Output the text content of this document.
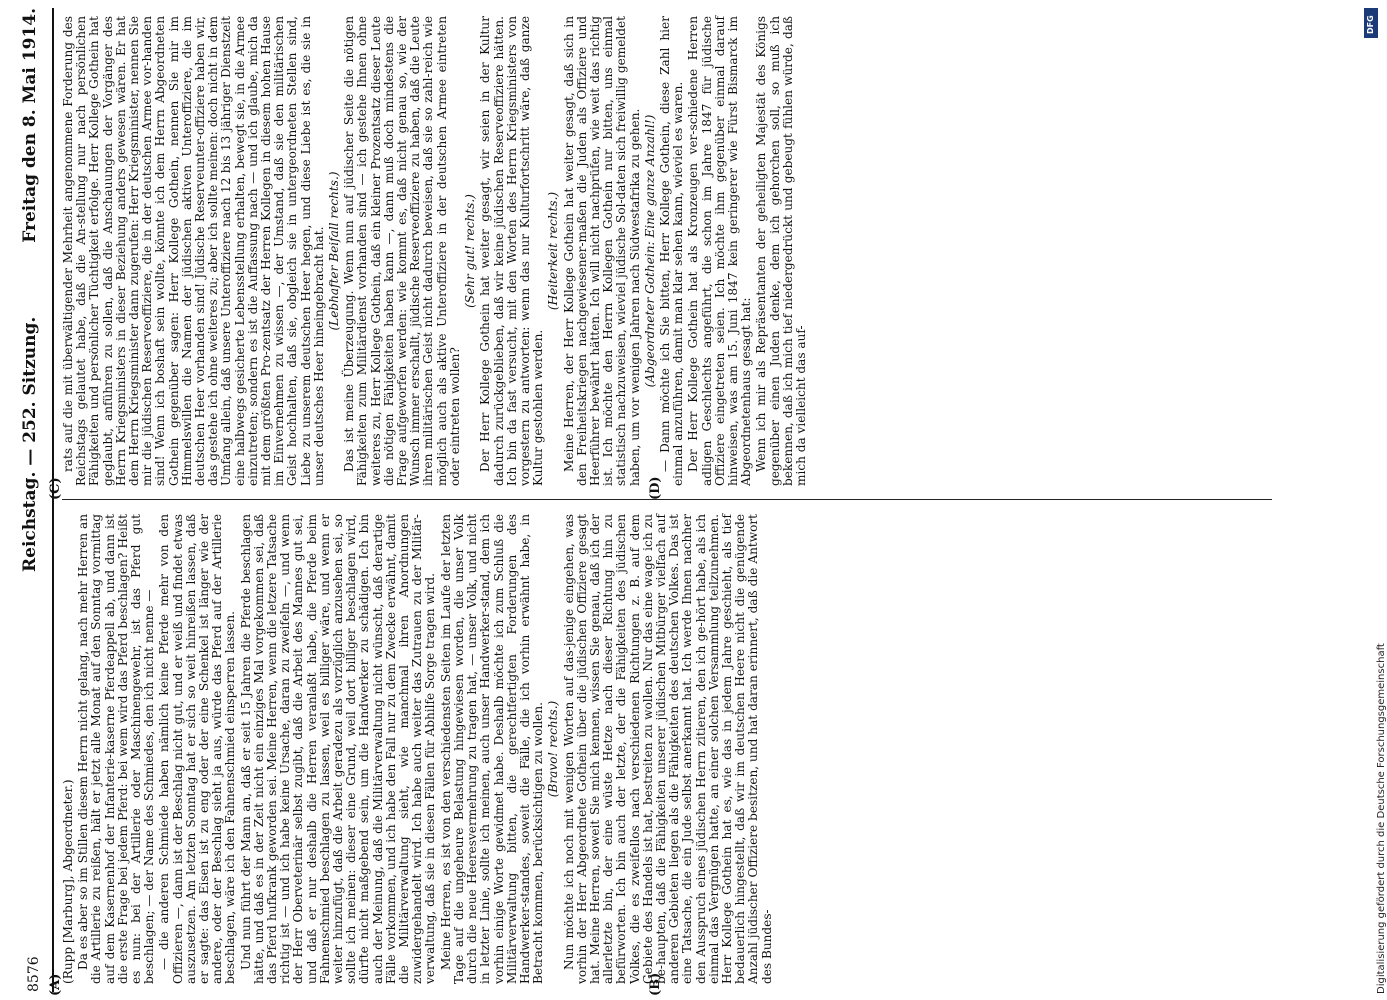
8576
Reichstag. — 252. Sitzung.
Freitag den 8. Mai 1914.

(Rupp [Marburg], Abgeordneter.) Da es aber so im Stillen diesem Herrn nicht gelang, nach mehr Herren an die Artillerie zu reißen, hält er jetzt alle Monat auf den Sonntag vormittag auf dem Kasernenhof der Infanterie-kaserne Pferdeappell ab, und dann ist die erste Frage bei jedem Pferd: bei wem wird das Pferd beschlagen? Heißt es nun: bei der Artillerie oder Maschinengewehr, ist das Pferd gut beschlagen; — der Name des Schmiedes, den ich nicht nenne — — die anderen Schmiede haben nämlich keine Pferde mehr von den Offizieren —, dann ist der Beschlag nicht gut, und er weiß und findet etwas auszusetzen. Am letzten Sonntag hat er sich so weit hinreißen lassen, daß er sagte: das Eisen ist zu eng oder der eine Schenkel ist länger wie der andere, oder der Beschlag sieht ja aus, würde das Pferd auf der Artillerie beschlagen, wäre ich den Fahnenschmied einsperren lassen. Und nun führt der Mann an, daß er seit 15 Jahren die Pferde beschlagen hätte, und daß es in der Zeit nicht ein einziges Mal vorgekommen sei, daß das Pferd hufkrank geworden sei. Meine Herren, wenn die letzere Tatsache richtig ist — und ich habe keine Ursache, daran zu zweifeln —, und wenn der Herr Oberveterinär selbst zugibt, daß die Arbeit des Mannes gut sei, und daß er nur deshalb die Herren veranlaßt habe, die Pferde beim Fahnenschmied beschlagen zu lassen, weil es billiger wäre, und wenn er weiter hinzufügt, daß die Arbeit geradezu als vorzüglich anzusehen sei, so sollte ich meinen: dieser eine Grund, weil dort billiger beschlagen wird, dürfte nicht maßgebend sein, um die Handwerker zu schädigen. Ich bin auch der Meinung, daß die Militärverwaltung nicht wünscht, daß derartige Fälle vorkommen, und ich habe den Fall nur zu dem Zwecke erwähnt, damit die Militärverwaltung sieht, wie manchmal ihren Anordnungen zuwidergehandelt wird. Ich habe auch weiter das Zutrauen zu der Militär-verwaltung, daß sie in diesen Fällen für Abhilfe Sorge tragen wird. Meine Herren, es ist von den verschiedensten Seiten im Laufe der letzten Tage auf die ungeheure Belastung hingewiesen worden, die unser Volk durch die neue Heeresvermehrung zu tragen hat, — unser Volk, und nicht in letzter Linie, sollte ich meinen, auch unser Handwerker-stand, dem ich vorhin einige Worte gewidmet habe. Deshalb möchte ich zum Schluß die Militärverwaltung bitten, die gerechtfertigten Forderungen des Handwerker-standes, soweit die Fälle, die ich vorhin erwähnt habe, in Betracht kommen, berücksichtigen zu wollen. (Bravo! rechts.) Nun möchte ich noch mit wenigen Worten auf das-jenige eingehen, was vorhin der Herr Abgeordnete Gothein über die jüdischen Offiziere gesagt hat. Meine Herren, soweit Sie mich kennen, wissen Sie genau, daß ich der allerletzte bin, der eine wüste Hetze nach dieser Richtung hin zu befürworten. Ich bin auch der letzte, der die Fähigkeiten des jüdischen Volkes, die es zweifellos nach verschiedenen Richtungen z. B. auf dem Gebiete des Handels ist hat, bestreiten zu wollen. Nur das eine wage ich zu be-haupten, daß die Fähigkeiten unserer jüdischen Mitbürger vielfach auf anderen Gebieten liegen als die Fähigkeiten des deutschen Volkes. Das ist eine Tatsache, die ein Jude selbst anerkannt hat. Ich werde Ihnen nachher den Ausspruch eines jüdischen Herrn zitieren, den ich ge-hört habe, als ich einmal das Vergnügen hatte, an einer solchen Versammlung teilzunehmen. Herr Kollege Gothein hat es, wie das in jedem Jahre geschieht, als tief bedauerlich hingestellt, daß wir im deutschen Heere nicht die genügende Anzahl jüdischer Offiziere besitzen, und hat daran erinnert, daß die Antwort des Bundes-

rats auf die mit überwältigender Mehrheit angenommene Forderung des Reichstags gelautet habe, daß die An-stellung nur nach persönlichen Fähigkeiten und persönlicher Tüchtigkeit erfolge. Herr Kollege Gothein hat geglaubt, anführen zu sollen, daß die Anschauungen der Vorgänger des Herrn Kriegsministers in dieser Beziehung anders gewesen wären. Er hat dem Herrn Kriegsminister dann zugerufen: Herr Kriegsminister, nennen Sie mir die jüdischen Reserveoffiziere, die in der deutschen Armee vor-handen sind! Wenn ich boshaft sein wollte, könnte ich dem Herrn Abgeordneten Gothein gegenüber sagen: Herr Kollege Gothein, nennen Sie mir im Himmelswillen die Namen der jüdischen aktiven Unteroffiziere, die im deutschen Heer vorhanden sind! Jüdische Reserveunter-offiziere haben wir, das gestehe ich ohne weiteres zu; aber ich sollte meinen: doch nicht in dem Umfang allein, daß unsere Unteroffiziere nach 12 bis 13 jähriger Dienstzeit eine halbwegs gesicherte Lebensstellung erhalten, bewegt sie, in die Armee einzutreten; sondern es ist die Auffassung nach — und ich glaube, mich da mit dem größten Pro-zentsatz der Herren Kollegen in diesem hohen Hause im Einvernehmen zu wissen —, der Umstand, daß sie den militärischen Geist hochhalten, daß sie, obgleich sie in untergeordneten Stellen sind, Liebe zu unserem deutschen Heer hegen, und diese Liebe ist es, die sie in unser deutsches Heer hineingebracht hat. (Lebhafter Beifall rechts.) Das ist meine Überzeugung. Wenn nun auf jüdischer Seite die nötigen Fähigkeiten zum Militärdienst vorhanden sind — ich gestehe Ihnen ohne weiteres zu, Herr Kollege Gothein, daß ein kleiner Prozentsatz dieser Leute die nötigen Fähigkeiten haben kann —, dann muß doch mindestens die Frage aufgeworfen werden: wie kommt es, daß nicht genau so, wie der Wunsch immer erschallt, jüdische Reserveoffiziere zu haben, daß die Leute ihren militärischen Geist nicht dadurch beweisen, daß sie so zahl-reich wie möglich auch als aktive Unteroffiziere in der deutschen Armee eintreten oder eintreten wollen?

(Sehr gut! rechts.) Der Herr Kollege Gothein hat weiter gesagt, wir seien in der Kultur dadurch zurückgeblieben, daß wir keine jüdischen Reserveoffiziere hätten. Ich bin da fast versucht, mit den Worten des Herrn Kriegsministers von vorgestern zu antworten: wenn das nur Kulturfortschritt wäre, daß ganze Kultur gestohlen werden.

(Heiterkeit rechts.) Meine Herren, der Herr Kollege Gothein hat weiter gesagt, daß sich in den Freiheitskriegen nachgewiesener-maßen die Juden als Offiziere und Heerführer bewährt hätten. Ich will nicht nachprüfen, wie weit das richtig ist. Ich möchte den Herrn Kollegen Gothein nur bitten, uns einmal statistisch nachzuweisen, wieviel jüdische Sol-daten sich freiwillig gemeldet haben, um vor wenigen Jahren nach Südwestafrika zu gehen. (Abgeordneter Gothein: Eine ganze Anzahl!) — Dann möchte ich Sie bitten, Herr Kollege Gothein, diese Zahl hier einmal anzuführen, damit man klar sehen kann, wieviel es waren. Der Herr Kollege Gothein hat als Kronzeugen ver-schiedene Herren adligen Geschlechts angeführt, die schon im Jahre 1847 für jüdische Offiziere eingetreten seien. Ich möchte ihm gegenüber einmal darauf hinweisen, was am 15. Juni 1847 kein geringerer wie Fürst Bismarck im Abgeordnetenhaus gesagt hat: Wenn ich mir als Repräsentanten der geheiligten Majestät des Königs gegenüber einen Juden denke, dem ich gehorchen soll, so muß ich bekennen, daß ich mich tief niedergedrückt und gebeugt fühlen würde, daß mich da vielleicht das auf-

(A)	(B)
(C)	(D)
DFG
Digitalisierung gefördert durch die Deutsche Forschungsgemeinschaft
